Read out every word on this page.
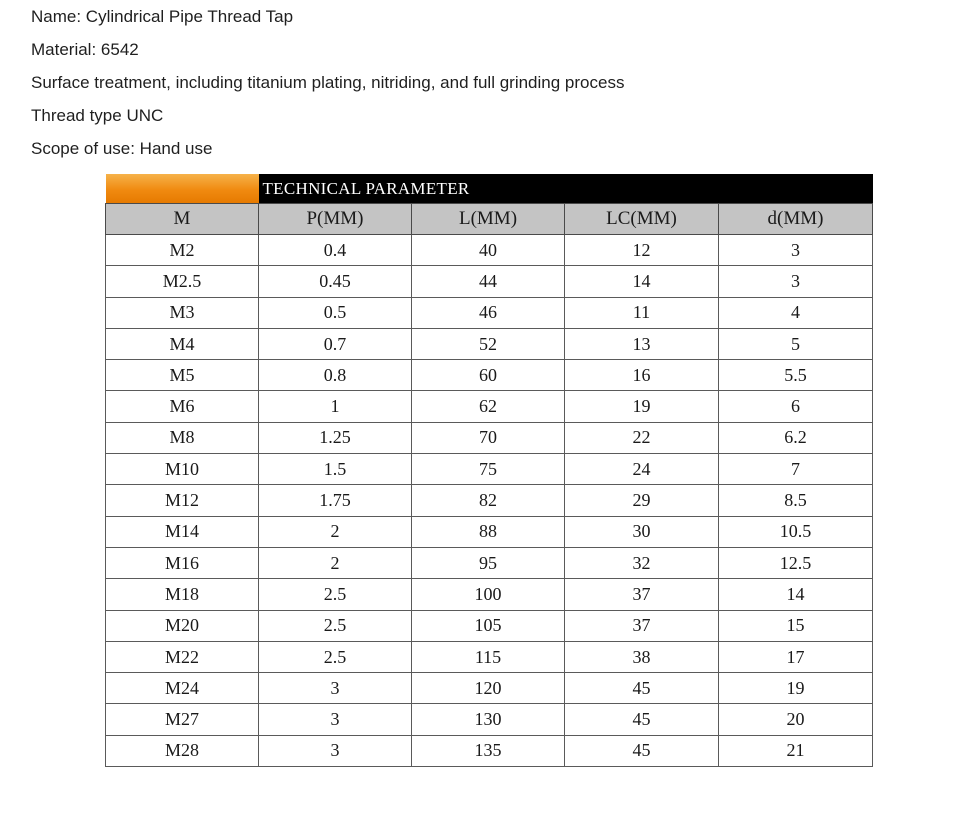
Name: Cylindrical Pipe Thread Tap
Material: 6542
Surface treatment, including titanium plating, nitriding, and full grinding process
Thread type UNC
Scope of use: Hand use
	TECHNICAL PARAMETER			
M	P(MM)	L(MM)	LC(MM)	d(MM)
M2	0.4	40	12	3
M2.5	0.45	44	14	3
M3	0.5	46	11	4
M4	0.7	52	13	5
M5	0.8	60	16	5.5
M6	1	62	19	6
M8	1.25	70	22	6.2
M10	1.5	75	24	7
M12	1.75	82	29	8.5
M14	2	88	30	10.5
M16	2	95	32	12.5
M18	2.5	100	37	14
M20	2.5	105	37	15
M22	2.5	115	38	17
M24	3	120	45	19
M27	3	130	45	20
M28	3	135	45	21
